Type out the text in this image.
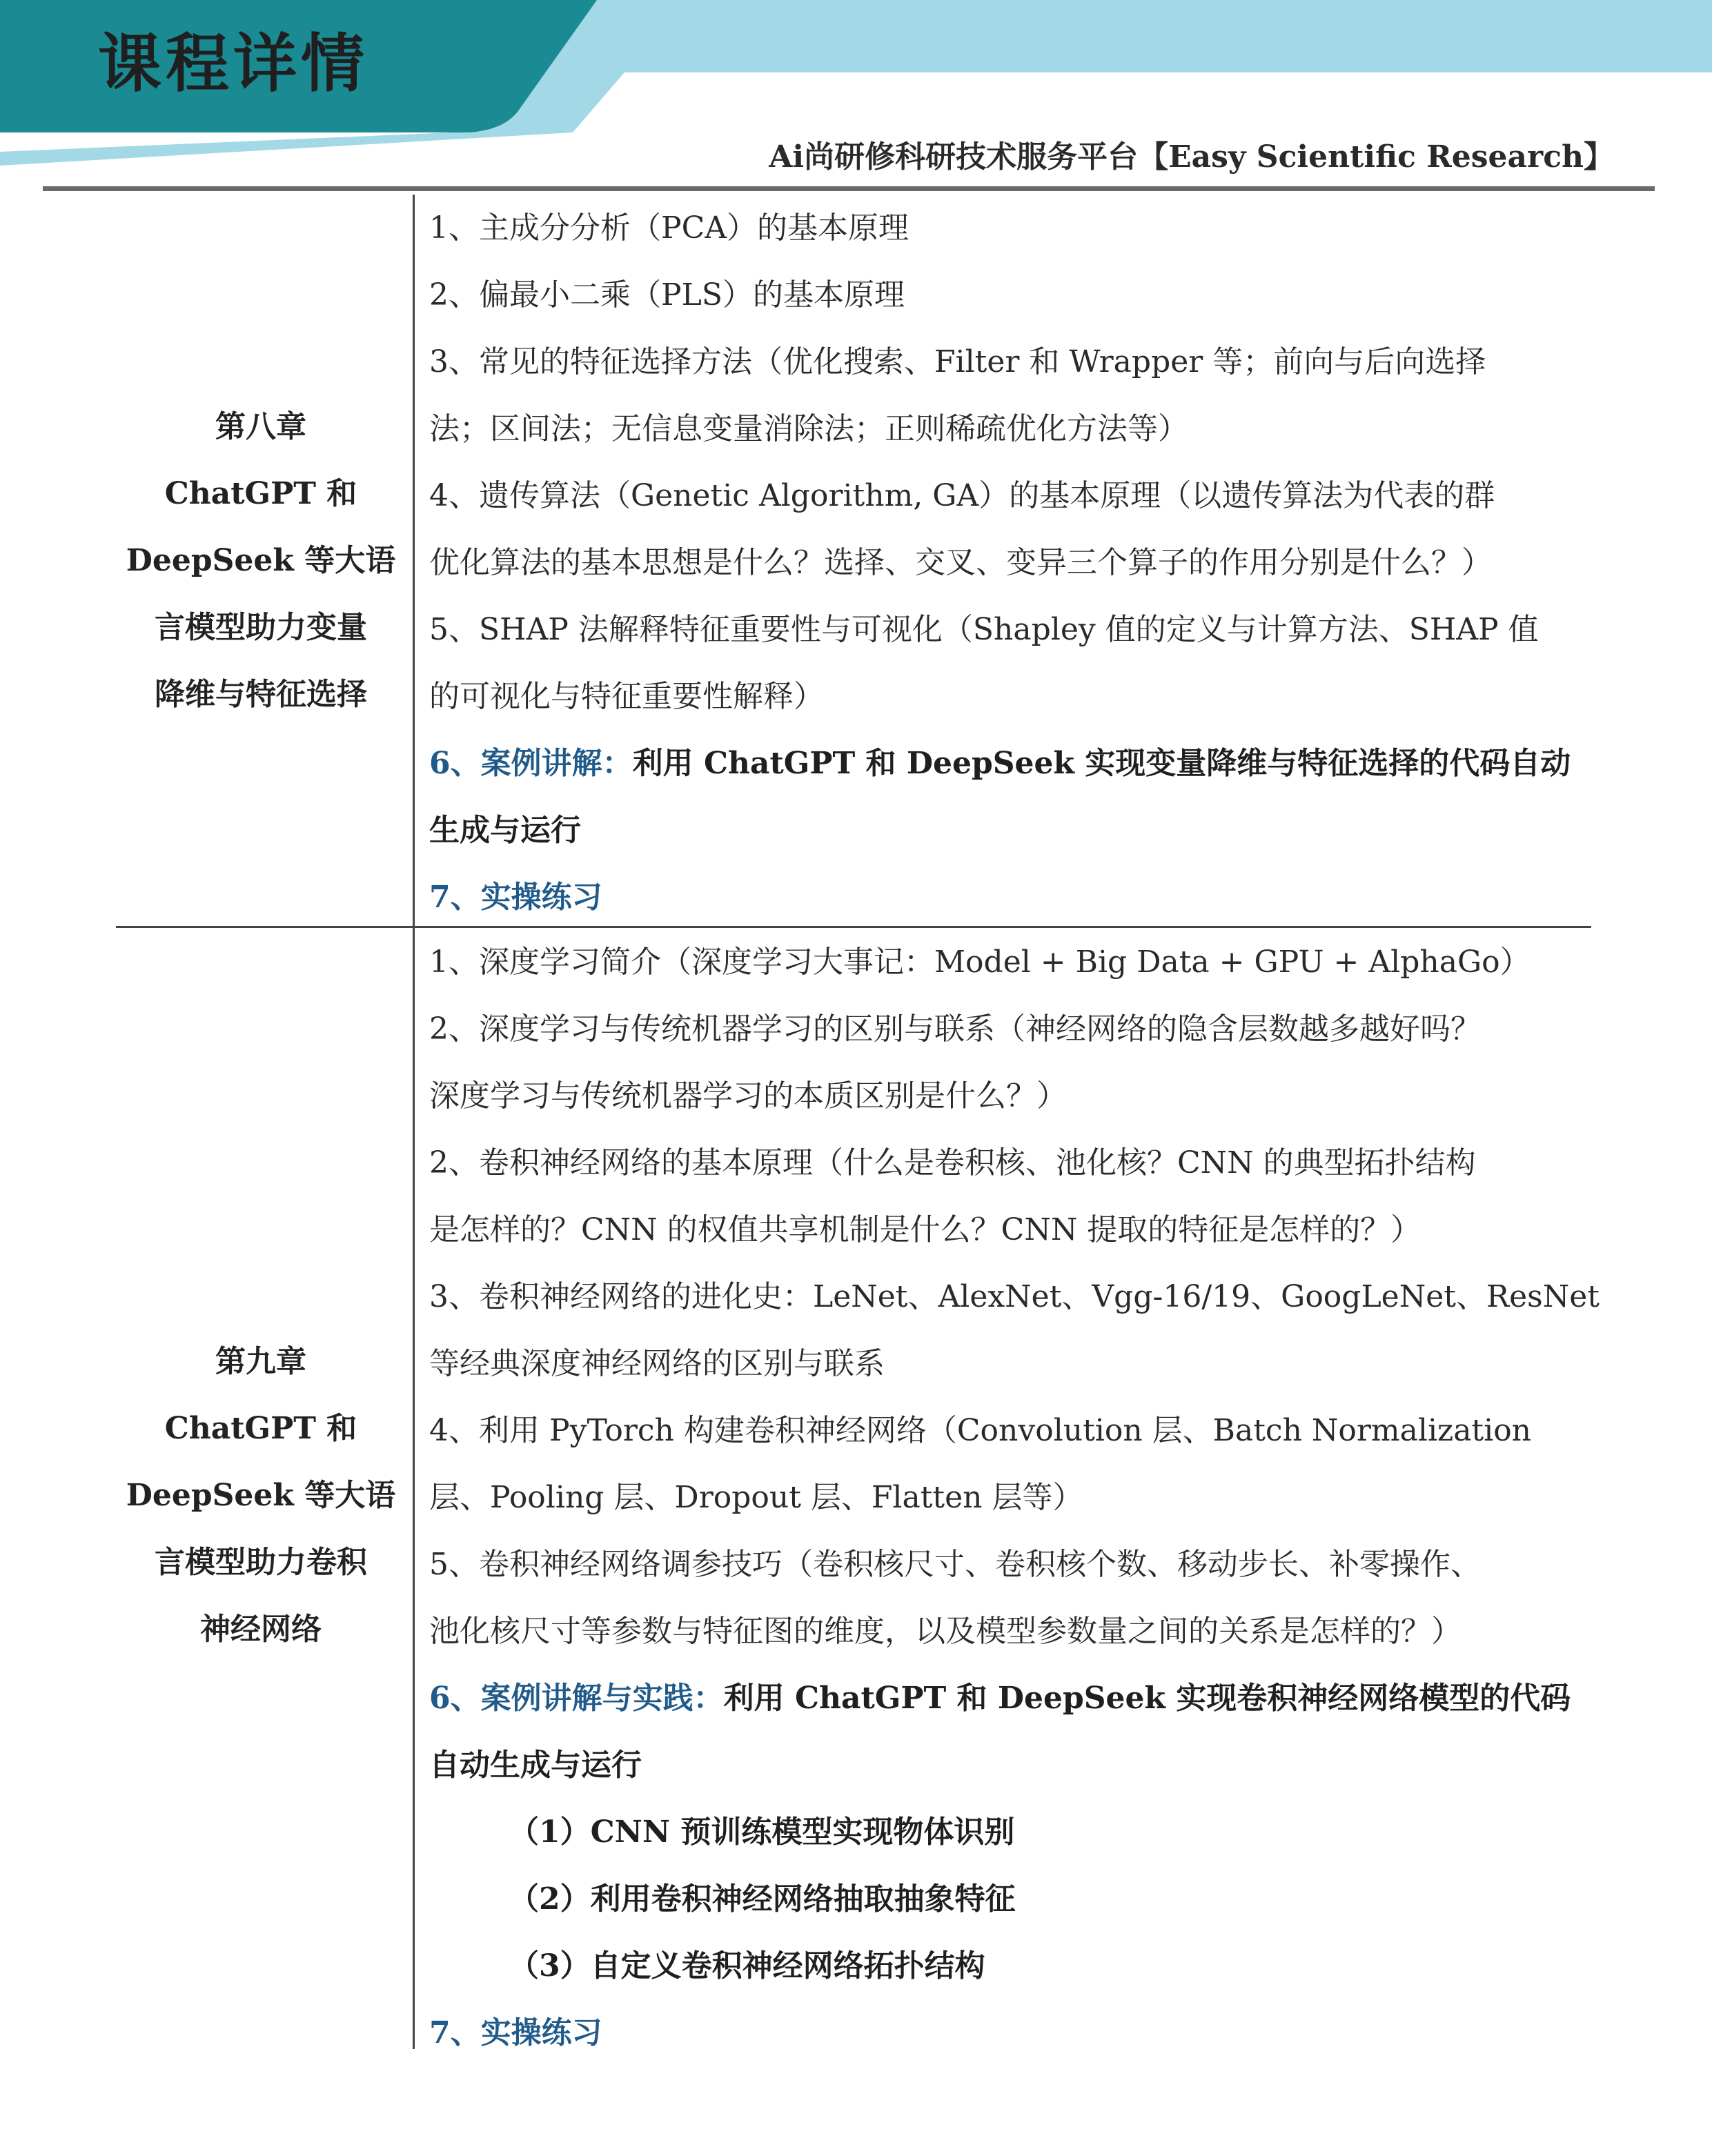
课程详情
Ai尚研修科研技术服务平台【Easy Scientific Research】
第八章
ChatGPT 和
DeepSeek 等大语
言模型助力变量
降维与特征选择
1、主成分分析（PCA）的基本原理
2、偏最小二乘（PLS）的基本原理
3、常见的特征选择方法（优化搜索、Filter 和 Wrapper 等；前向与后向选择
法；区间法；无信息变量消除法；正则稀疏优化方法等）
4、遗传算法（Genetic Algorithm, GA）的基本原理（以遗传算法为代表的群
优化算法的基本思想是什么？选择、交叉、变异三个算子的作用分别是什么？）
5、SHAP 法解释特征重要性与可视化（Shapley 值的定义与计算方法、SHAP 值
的可视化与特征重要性解释）
6、案例讲解：利用 ChatGPT 和 DeepSeek 实现变量降维与特征选择的代码自动
生成与运行
7、实操练习
第九章
ChatGPT 和
DeepSeek 等大语
言模型助力卷积
神经网络
1、深度学习简介（深度学习大事记：Model + Big Data + GPU + AlphaGo）
2、深度学习与传统机器学习的区别与联系（神经网络的隐含层数越多越好吗？
深度学习与传统机器学习的本质区别是什么？）
2、卷积神经网络的基本原理（什么是卷积核、池化核？CNN 的典型拓扑结构
是怎样的？CNN 的权值共享机制是什么？CNN 提取的特征是怎样的？）
3、卷积神经网络的进化史：LeNet、AlexNet、Vgg-16/19、GoogLeNet、ResNet
等经典深度神经网络的区别与联系
4、利用 PyTorch 构建卷积神经网络（Convolution 层、Batch Normalization
层、Pooling 层、Dropout 层、Flatten 层等）
5、卷积神经网络调参技巧（卷积核尺寸、卷积核个数、移动步长、补零操作、
池化核尺寸等参数与特征图的维度，以及模型参数量之间的关系是怎样的？）
6、案例讲解与实践：利用 ChatGPT 和 DeepSeek 实现卷积神经网络模型的代码
自动生成与运行
（1）CNN 预训练模型实现物体识别
（2）利用卷积神经网络抽取抽象特征
（3）自定义卷积神经网络拓扑结构
7、实操练习
